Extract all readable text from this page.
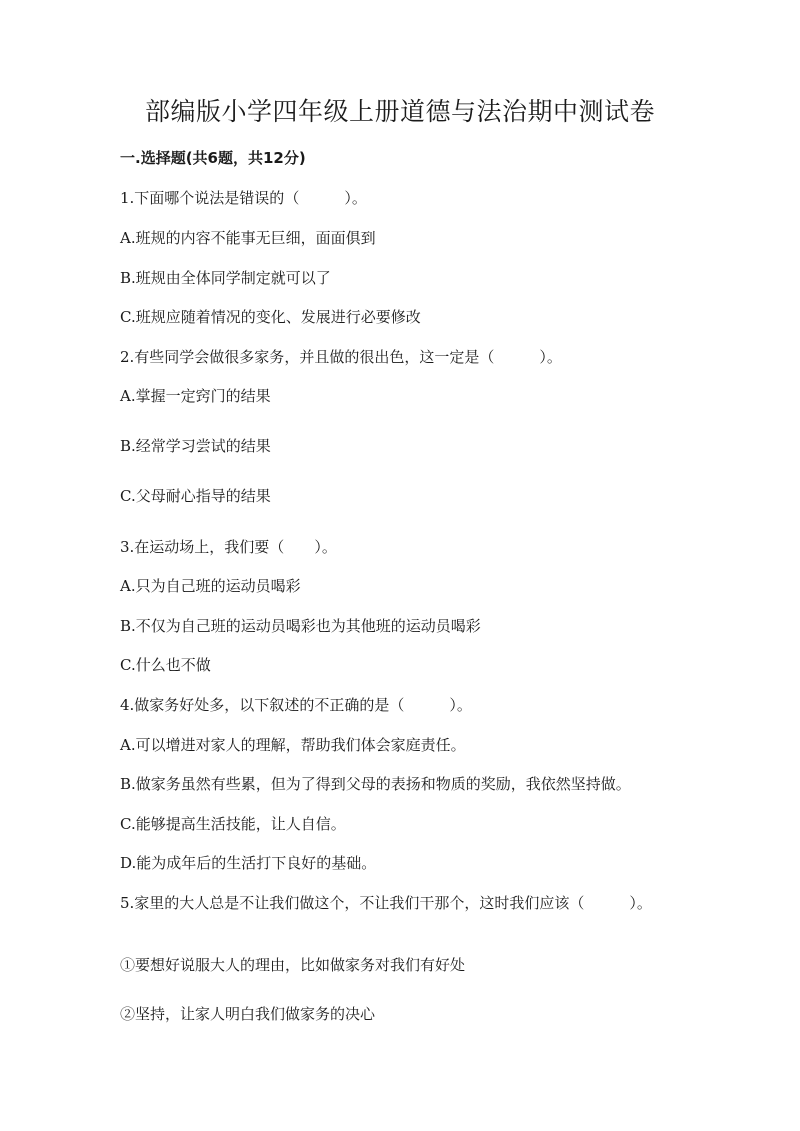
部编版小学四年级上册道德与法治期中测试卷
一.选择题(共6题，共12分)
1.下面哪个说法是错误的（　　　）。
A.班规的内容不能事无巨细，面面俱到
B.班规由全体同学制定就可以了
C.班规应随着情况的变化、发展进行必要修改
2.有些同学会做很多家务，并且做的很出色，这一定是（　　　）。
A.掌握一定窍门的结果
B.经常学习尝试的结果
C.父母耐心指导的结果
3.在运动场上，我们要（　　）。
A.只为自己班的运动员喝彩
B.不仅为自己班的运动员喝彩也为其他班的运动员喝彩
C.什么也不做
4.做家务好处多，以下叙述的不正确的是（　　　）。
A.可以增进对家人的理解，帮助我们体会家庭责任。
B.做家务虽然有些累，但为了得到父母的表扬和物质的奖励，我依然坚持做。
C.能够提高生活技能，让人自信。
D.能为成年后的生活打下良好的基础。
5.家里的大人总是不让我们做这个，不让我们干那个，这时我们应该（　　　）。
①要想好说服大人的理由，比如做家务对我们有好处
②坚持，让家人明白我们做家务的决心
